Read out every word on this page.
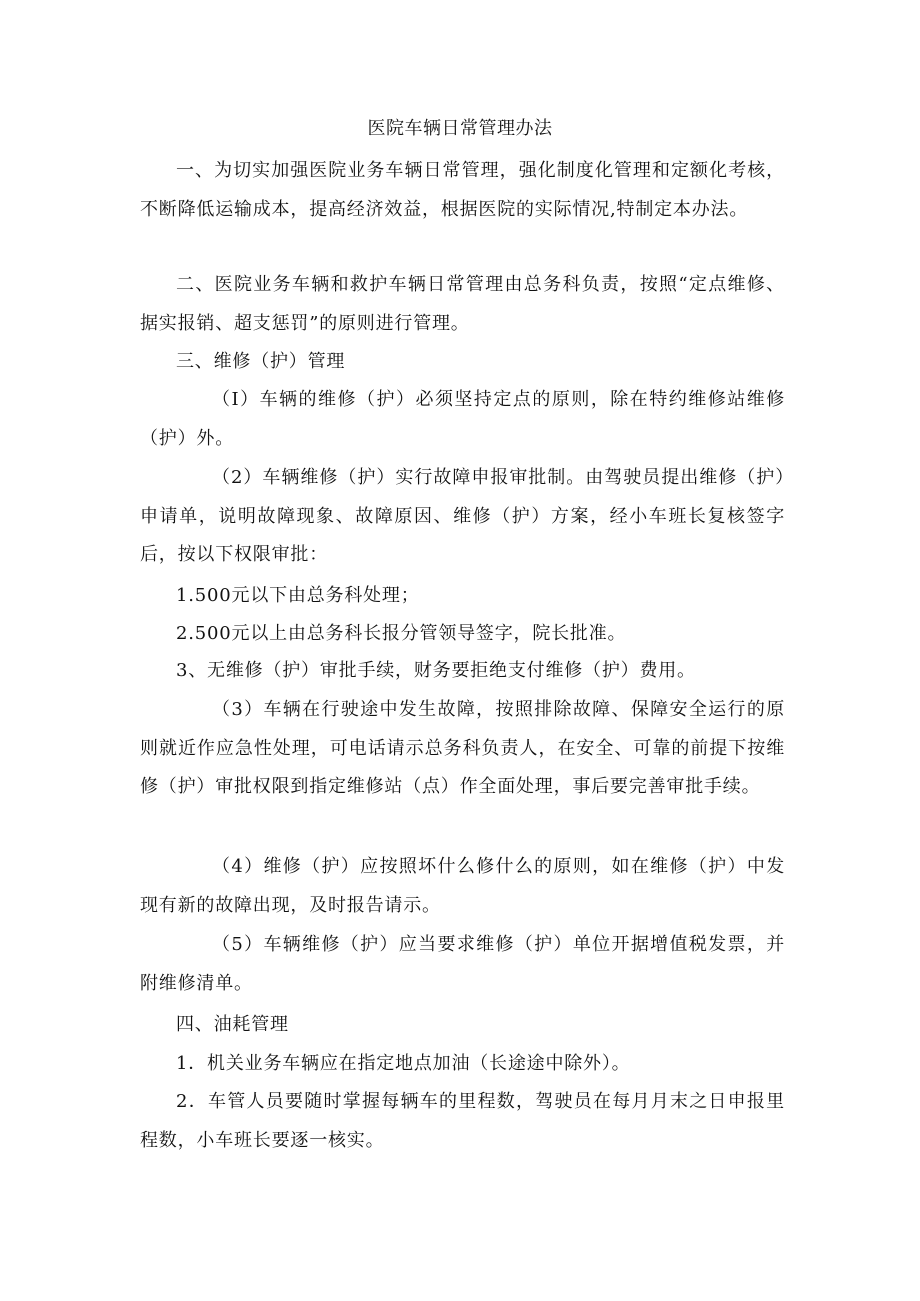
医院车辆日常管理办法

一、为切实加强医院业务车辆日常管理，强化制度化管理和定额化考核，不断降低运输成本，提高经济效益，根据医院的实际情况,特制定本办法。

二、医院业务车辆和救护车辆日常管理由总务科负责，按照“定点维修、据实报销、超支惩罚”的原则进行管理。

三、维修（护）管理

（I）车辆的维修（护）必须坚持定点的原则，除在特约维修站维修（护）外。

（2）车辆维修（护）实行故障申报审批制。由驾驶员提出维修（护）申请单，说明故障现象、故障原因、维修（护）方案，经小车班长复核签字后，按以下权限审批：

1.500元以下由总务科处理；

2.500元以上由总务科长报分管领导签字，院长批准。

3、无维修（护）审批手续，财务要拒绝支付维修（护）费用。

（3）车辆在行驶途中发生故障，按照排除故障、保障安全运行的原则就近作应急性处理，可电话请示总务科负责人，在安全、可靠的前提下按维修（护）审批权限到指定维修站（点）作全面处理，事后要完善审批手续。

（4）维修（护）应按照坏什么修什么的原则，如在维修（护）中发现有新的故障出现，及时报告请示。

（5）车辆维修（护）应当要求维修（护）单位开据增值税发票，并附维修清单。

四、油耗管理

1．机关业务车辆应在指定地点加油（长途途中除外）。

2．车管人员要随时掌握每辆车的里程数，驾驶员在每月月末之日申报里程数，小车班长要逐一核实。
